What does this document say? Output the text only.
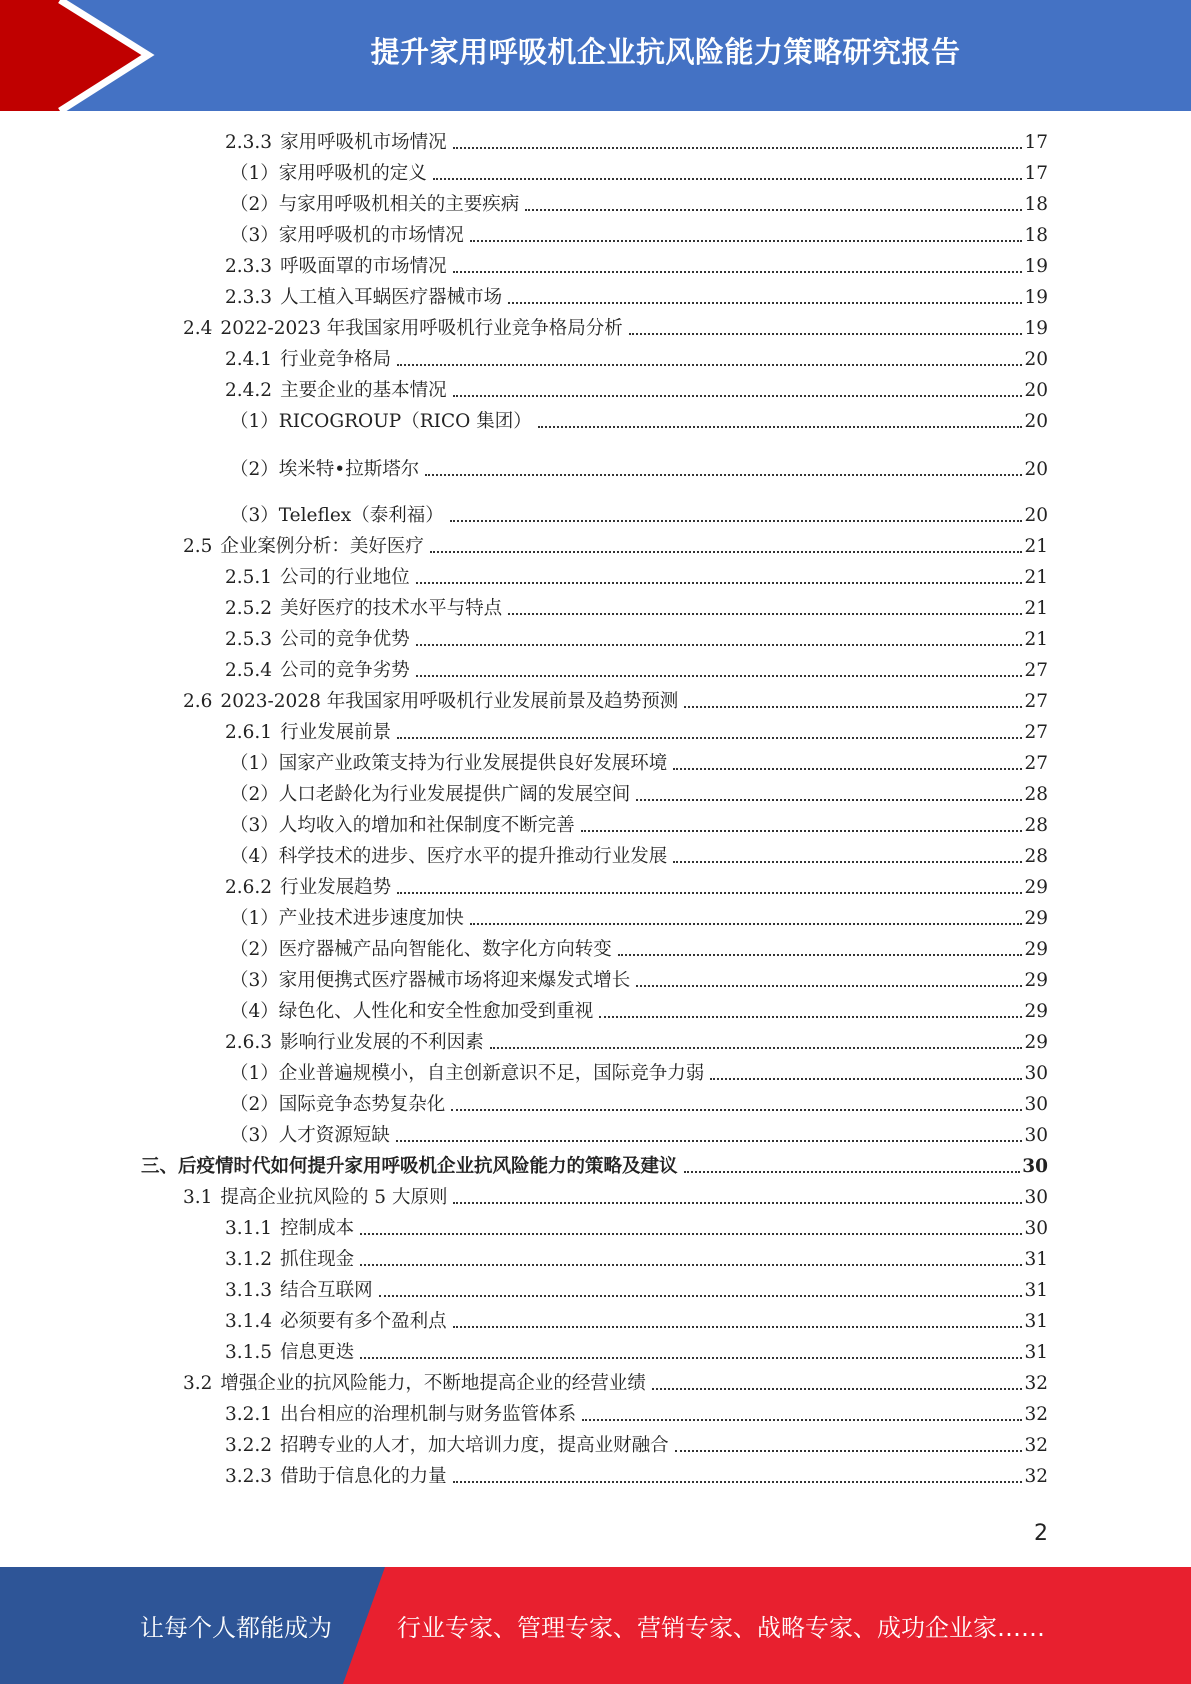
提升家用呼吸机企业抗风险能力策略研究报告
2.3.3 家用呼吸机市场情况	17
（1） 家用呼吸机的定义	17
（2） 与家用呼吸机相关的主要疾病	18
（3） 家用呼吸机的市场情况	18
2.3.3 呼吸面罩的市场情况	19
2.3.3 人工植入耳蜗医疗器械市场	19
2.4 2022-2023 年我国家用呼吸机行业竞争格局分析	19
2.4.1 行业竞争格局	20
2.4.2 主要企业的基本情况	20
（1） RICOGROUP（RICO 集团）	20
（2） 埃米特•拉斯塔尔	20
（3） Teleflex（泰利福）	20
2.5 企业案例分析：美好医疗	21
2.5.1 公司的行业地位	21
2.5.2 美好医疗的技术水平与特点	21
2.5.3 公司的竞争优势	21
2.5.4 公司的竞争劣势	27
2.6 2023-2028 年我国家用呼吸机行业发展前景及趋势预测	27
2.6.1 行业发展前景	27
（1） 国家产业政策支持为行业发展提供良好发展环境	27
（2） 人口老龄化为行业发展提供广阔的发展空间	28
（3） 人均收入的增加和社保制度不断完善	28
（4） 科学技术的进步、医疗水平的提升推动行业发展	28
2.6.2 行业发展趋势	29
（1） 产业技术进步速度加快	29
（2） 医疗器械产品向智能化、数字化方向转变	29
（3） 家用便携式医疗器械市场将迎来爆发式增长	29
（4） 绿色化、人性化和安全性愈加受到重视	29
2.6.3 影响行业发展的不利因素	29
（1） 企业普遍规模小，自主创新意识不足，国际竞争力弱	30
（2） 国际竞争态势复杂化	30
（3） 人才资源短缺	30
三、 后疫情时代如何提升家用呼吸机企业抗风险能力的策略及建议	30
3.1 提高企业抗风险的 5 大原则	30
3.1.1 控制成本	30
3.1.2 抓住现金	31
3.1.3 结合互联网	31
3.1.4 必须要有多个盈利点	31
3.1.5 信息更迭	31
3.2 增强企业的抗风险能力，不断地提高企业的经营业绩	32
3.2.1 出台相应的治理机制与财务监管体系	32
3.2.2 招聘专业的人才，加大培训力度，提高业财融合	32
3.2.3 借助于信息化的力量	32
2
让每个人都能成为	行业专家、管理专家、营销专家、战略专家、成功企业家……
